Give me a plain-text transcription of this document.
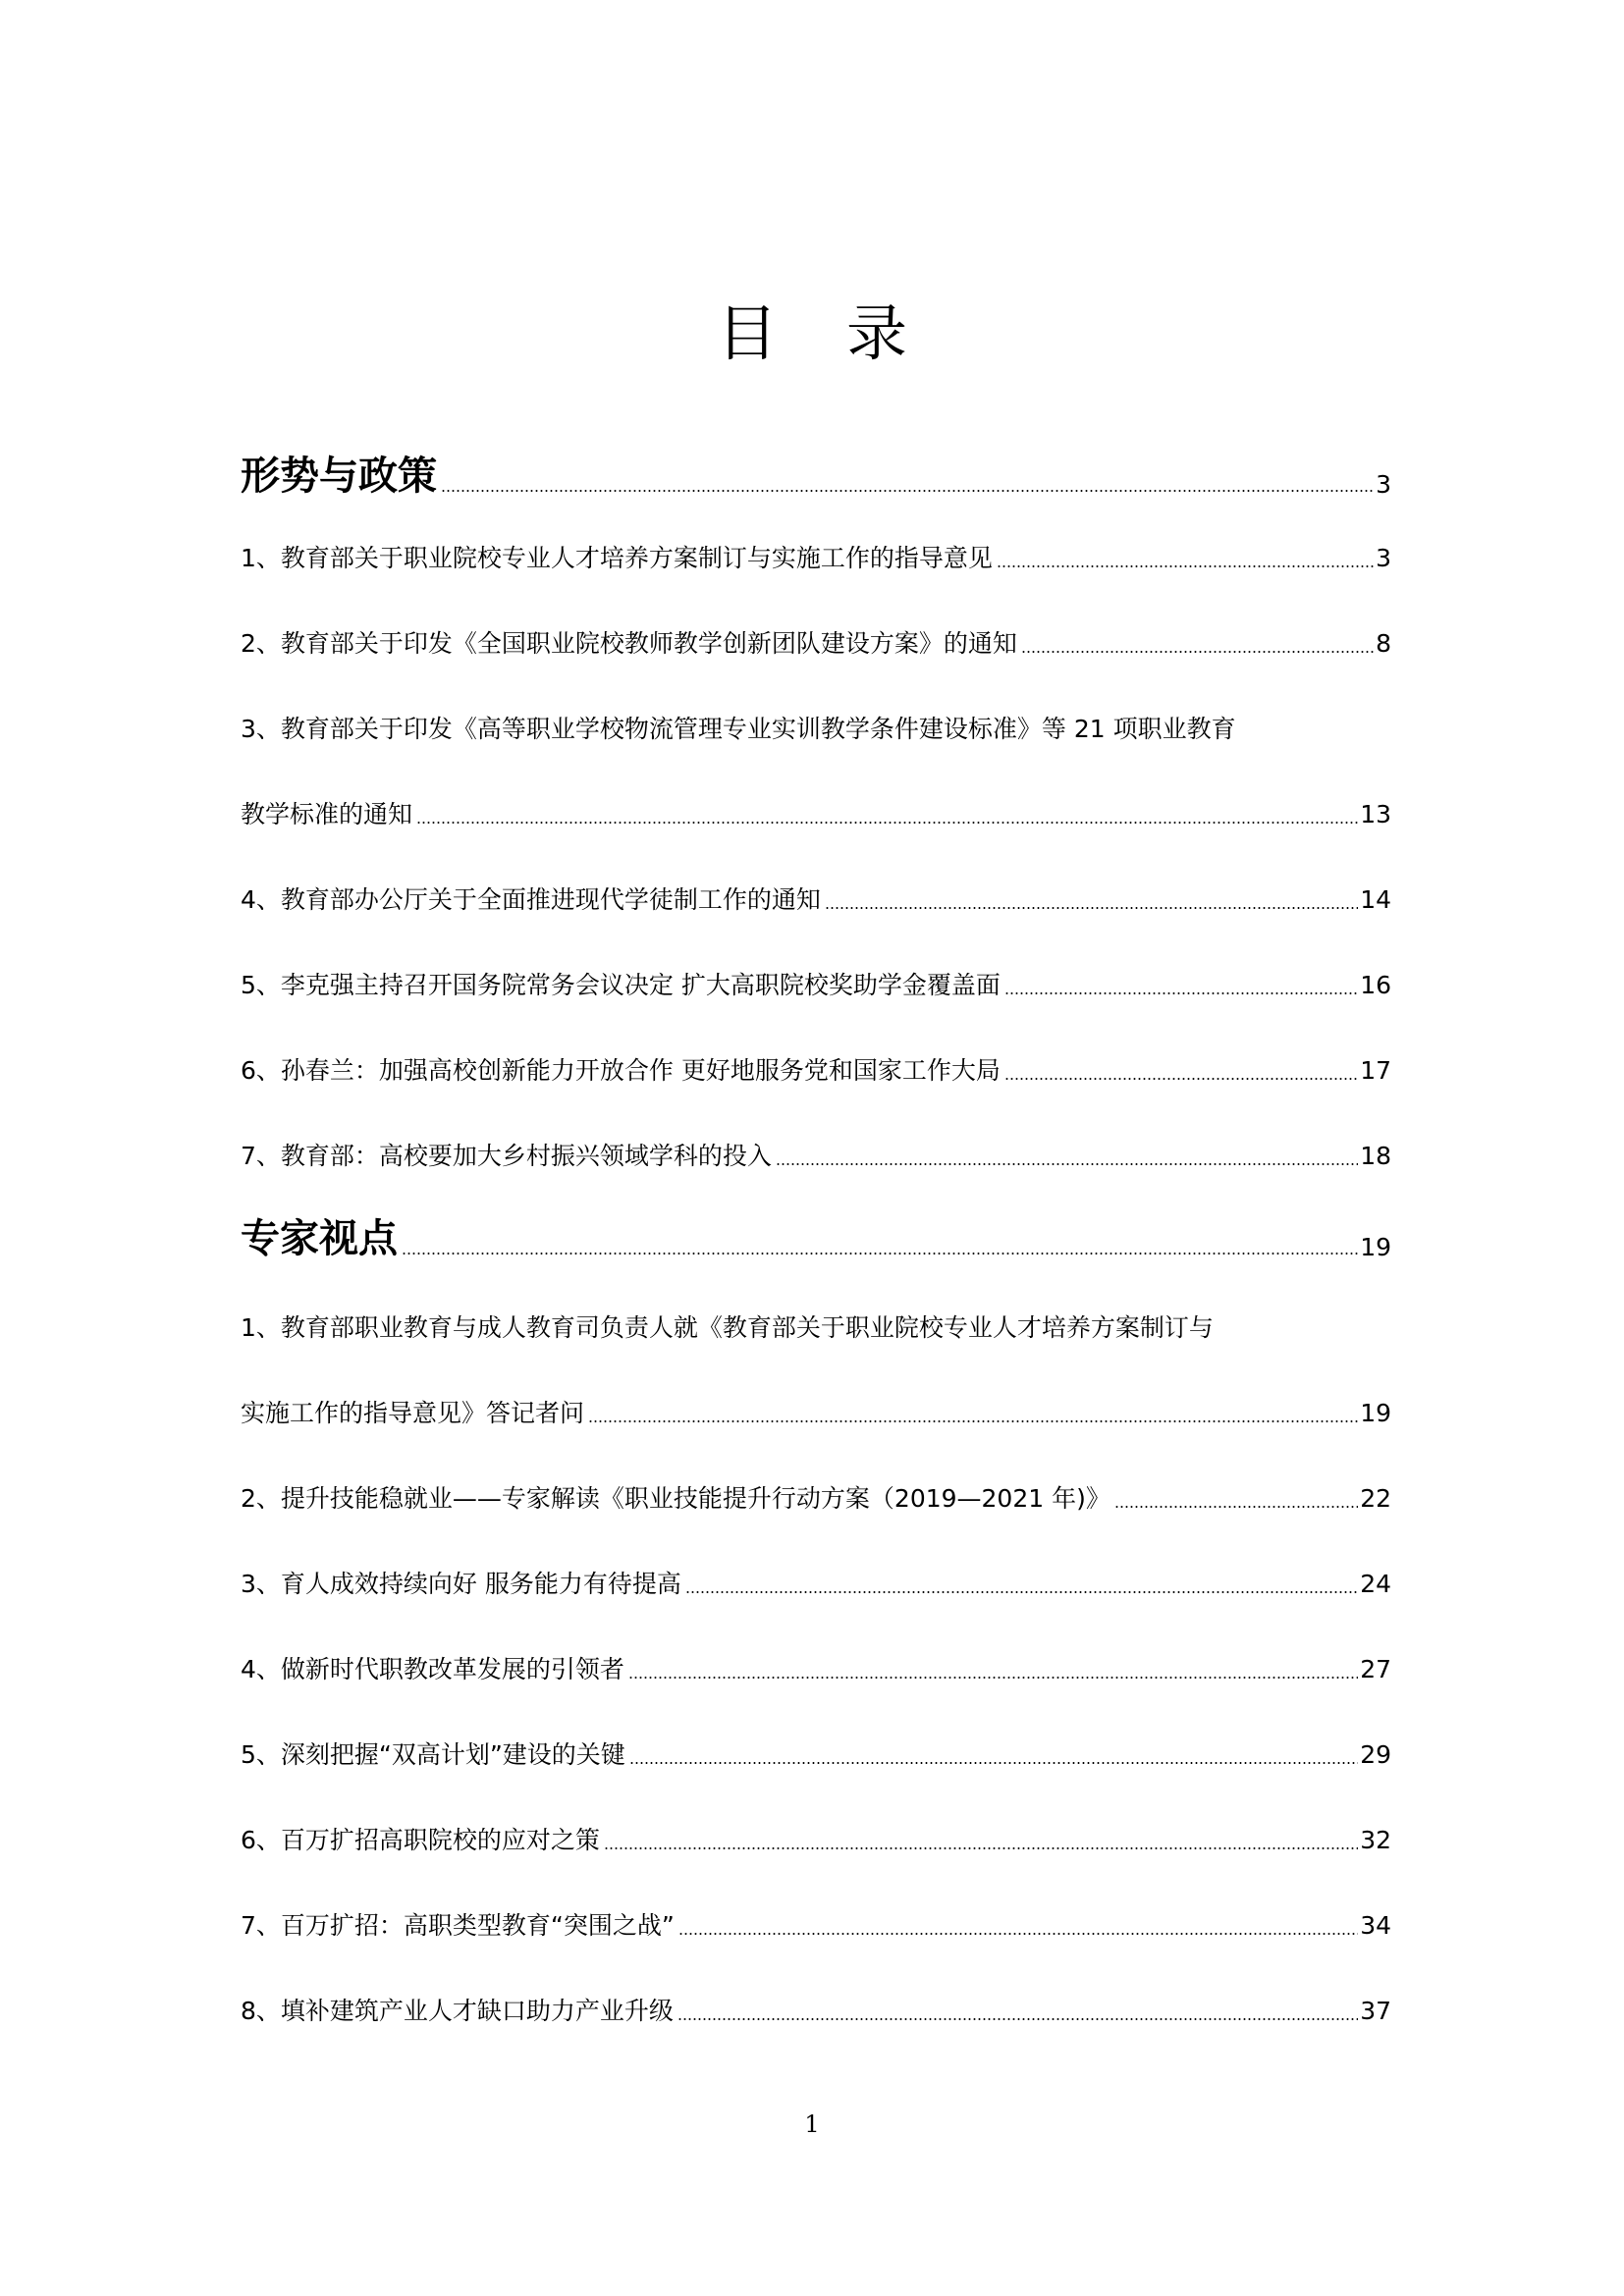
目 录
形势与政策	3
1、教育部关于职业院校专业人才培养方案制订与实施工作的指导意见	3
2、教育部关于印发《全国职业院校教师教学创新团队建设方案》的通知	8
3、教育部关于印发《高等职业学校物流管理专业实训教学条件建设标准》等 21 项职业教育
教学标准的通知	13
4、教育部办公厅关于全面推进现代学徒制工作的通知	14
5、李克强主持召开国务院常务会议决定 扩大高职院校奖助学金覆盖面	16
6、孙春兰：加强高校创新能力开放合作 更好地服务党和国家工作大局	17
7、教育部：高校要加大乡村振兴领域学科的投入	18
专家视点	19
1、教育部职业教育与成人教育司负责人就《教育部关于职业院校专业人才培养方案制订与
实施工作的指导意见》答记者问	19
2、提升技能稳就业——专家解读《职业技能提升行动方案（2019—2021 年)》	22
3、育人成效持续向好 服务能力有待提高	24
4、做新时代职教改革发展的引领者	27
5、深刻把握“双高计划”建设的关键	29
6、百万扩招高职院校的应对之策	32
7、百万扩招：高职类型教育“突围之战”	34
8、填补建筑产业人才缺口助力产业升级	37
1
